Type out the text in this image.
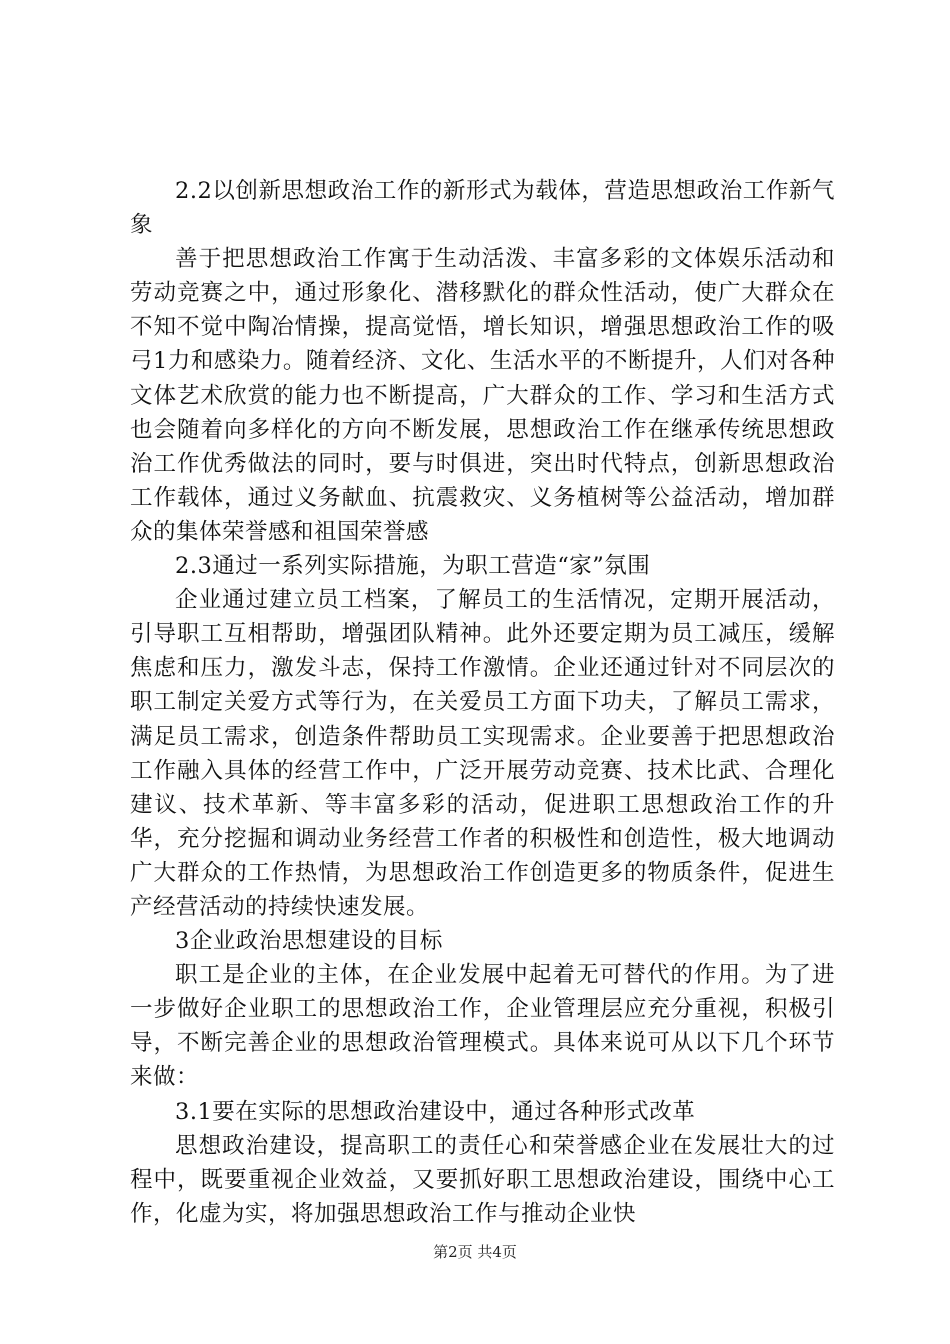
2.2以创新思想政治工作的新形式为载体，营造思想政治工作新气象

善于把思想政治工作寓于生动活泼、丰富多彩的文体娱乐活动和劳动竞赛之中，通过形象化、潜移默化的群众性活动，使广大群众在不知不觉中陶冶情操，提高觉悟，增长知识，增强思想政治工作的吸弓1力和感染力。随着经济、文化、生活水平的不断提升，人们对各种文体艺术欣赏的能力也不断提高，广大群众的工作、学习和生活方式也会随着向多样化的方向不断发展，思想政治工作在继承传统思想政治工作优秀做法的同时，要与时俱进，突出时代特点，创新思想政治工作载体，通过义务献血、抗震救灾、义务植树等公益活动，增加群众的集体荣誉感和祖国荣誉感

2.3通过一系列实际措施，为职工营造“家”氛围

企业通过建立员工档案，了解员工的生活情况，定期开展活动，引导职工互相帮助，增强团队精神。此外还要定期为员工减压，缓解焦虑和压力，激发斗志，保持工作激情。企业还通过针对不同层次的职工制定关爱方式等行为，在关爱员工方面下功夫，了解员工需求，满足员工需求，创造条件帮助员工实现需求。企业要善于把思想政治工作融入具体的经营工作中，广泛开展劳动竞赛、技术比武、合理化建议、技术革新、等丰富多彩的活动，促进职工思想政治工作的升华，充分挖掘和调动业务经营工作者的积极性和创造性，极大地调动广大群众的工作热情，为思想政治工作创造更多的物质条件，促进生产经营活动的持续快速发展。

3企业政治思想建设的目标

职工是企业的主体，在企业发展中起着无可替代的作用。为了进一步做好企业职工的思想政治工作，企业管理层应充分重视，积极引导，不断完善企业的思想政治管理模式。具体来说可从以下几个环节来做：

3.1要在实际的思想政治建设中，通过各种形式改革

思想政治建设，提高职工的责任心和荣誉感企业在发展壮大的过程中，既要重视企业效益，又要抓好职工思想政治建设，围绕中心工作，化虚为实，将加强思想政治工作与推动企业快

第2页 共4页
